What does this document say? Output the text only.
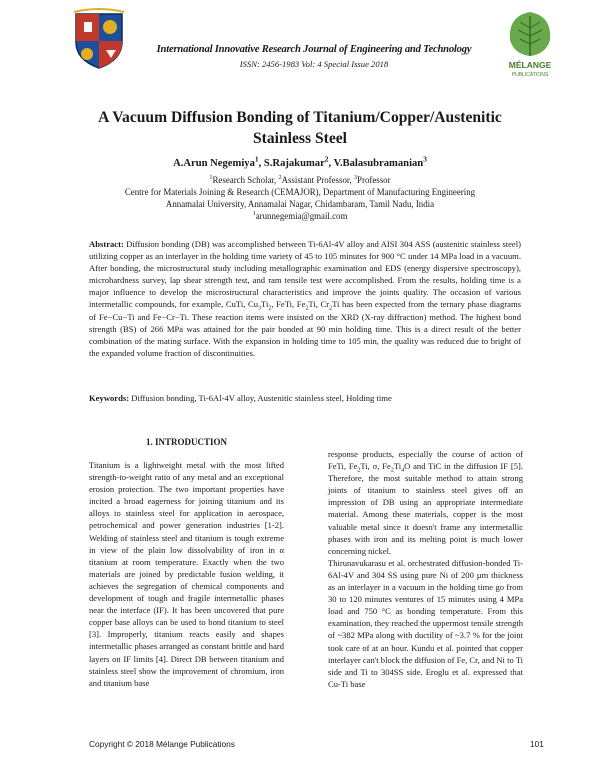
International Innovative Research Journal of Engineering and Technology
ISSN: 2456-1983 Vol: 4 Special Issue 2018	MÉLANGE
PUBLICATIONS
A Vacuum Diffusion Bonding of Titanium/Copper/Austenitic
Stainless Steel
A.Arun Negemiya$^1$, S.Rajakumar$^2$, V.Balasubramanian$^3$
$^1$Research Scholar, $^2$Assistant Professor, $^3$Professor
Centre for Materials Joining & Research (CEMAJOR), Department of Manufacturing Engineering
Annamalai University, Annamalai Nagar, Chidambaram, Tamil Nadu, India
$^1$arunnegemia@gmail.com
Abstract: Diffusion bonding (DB) was accomplished between Ti-6Al-4V alloy and AISI 304 ASS (austenitic stainless steel) utilizing copper as an interlayer in the holding time variety of 45 to 105 minutes for 900 °C under 14 MPa load in a vacuum. After bonding, the microstructural study including metallographic examination and EDS (energy dispersive spectroscopy), microhardness survey, lap shear strength test, and ram tensile test were accomplished. From the results, holding time is a major influence to develop the microstructural characteristics and improve the joints quality. The occasion of various intermetallic compounds, for example, CuTi, $Cu_3Ti_2$, FeTi, $Fe_2Ti$, $Cr_2Ti$ has been expected from the ternary phase diagrams of Fe−Cu−Ti and Fe−Cr−Ti. These reaction items were insisted on the XRD (X-ray diffraction) method. The highest bond strength (BS) of 266 MPa was attained for the pair bonded at 90 min holding time. This is a direct result of the better combination of the mating surface. With the expansion in holding time to 105 min, the quality was reduced due to bright of the expanded volume fraction of discontinuities.
Keywords: Diffusion bonding, Ti-6Al-4V alloy, Austenitic stainless steel, Holding time
1. INTRODUCTION

Titanium is a lightweight metal with the most lifted strength-to-weight ratio of any metal and an exceptional erosion protection. The two important properties have incited a broad eagerness for joining titanium and its alloys to stainless steel for application in aerospace, petrochemical and power generation industries [1-2]. Welding of stainless steel and titanium is tough extreme in view of the plain low dissolvability of iron in α titanium at room temperature. Exactly when the two materials are joined by predictable fusion welding, it achieves the segregation of chemical components and development of tough and fragile intermetallic phases near the interface (IF). It has been uncovered that pure copper base alloys can be used to bond titanium to steel [3]. Improperly, titanium reacts easily and shapes intermetallic phases arranged as constant brittle and hard layers on IF limits [4]. Direct DB between titanium and stainless steel show the improvement of chromium, iron and titanium base

response products, especially the course of action of FeTi, $Fe_2Ti$, σ, $Fe_2Ti_4O$ and TiC in the diffusion IF [5]. Therefore, the most suitable method to attain strong joints of titanium to stainless steel gives off an impression of DB using an appropriate intermediate material. Among these materials, copper is the most valuable metal since it doesn't frame any intermetallic phases with iron and its melting point is much lower concerning nickel.

Thirunavukarasu et al. orchestrated diffusion-bonded Ti-6Al-4V and 304 SS using pure Ni of 200 µm thickness as an interlayer in a vacuum in the holding time go from 30 to 120 minutes ventures of 15 minutes using 4 MPa load and 750 °C as bonding temperature. From this examination, they reached the uppermost tensile strength of ~382 MPa along with ductility of ~3.7 % for the joint took care of at an hour. Kundu et al. pointed that copper interlayer can't block the diffusion of Fe, Cr, and Ni to Ti side and Ti to 304SS side. Eroglu et al. expressed that Cu-Ti base

Copyright © 2018 Mélange Publications	101
